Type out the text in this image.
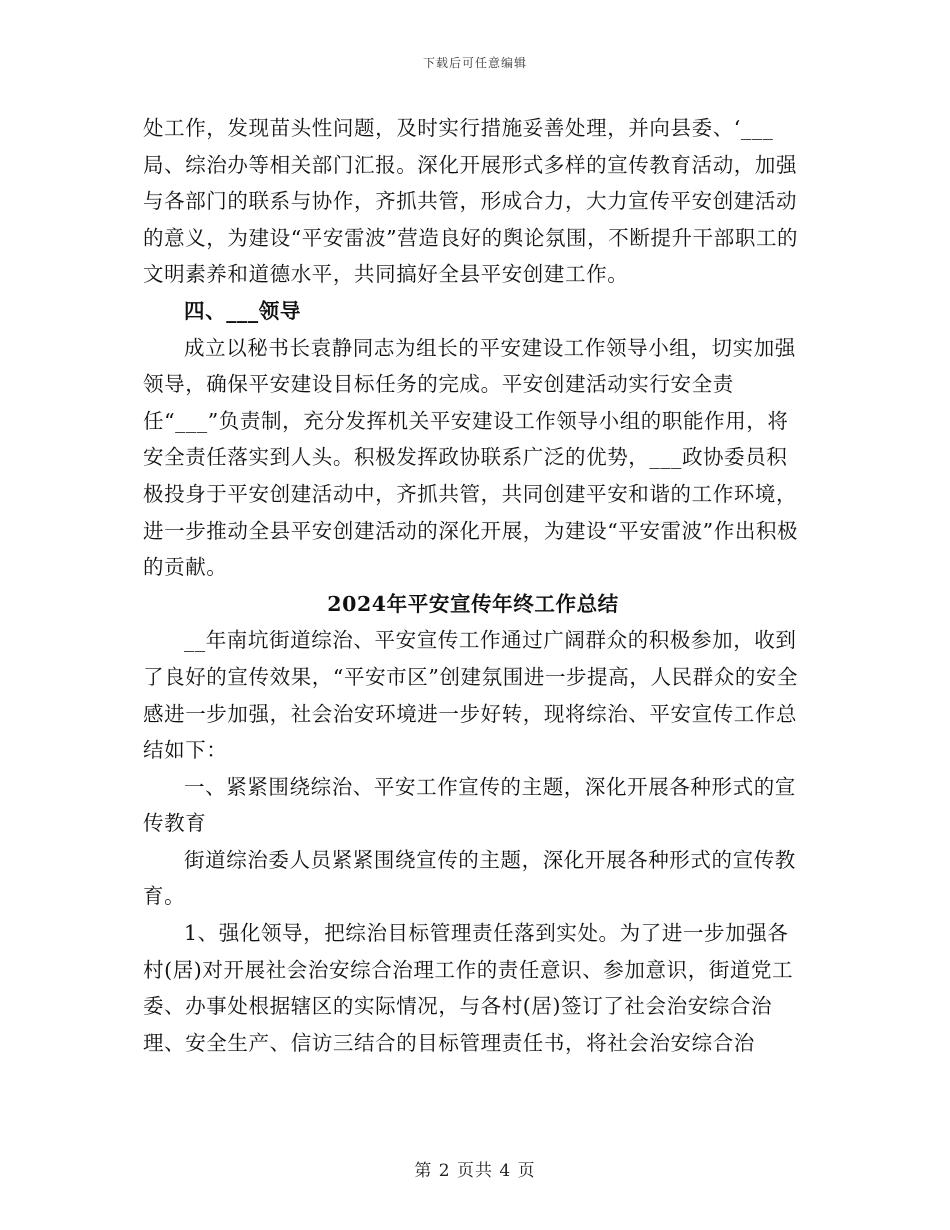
下载后可任意编辑

处工作，发现苗头性问题，及时实行措施妥善处理，并向县委、‘___局、综治办等相关部门汇报。深化开展形式多样的宣传教育活动，加强与各部门的联系与协作，齐抓共管，形成合力，大力宣传平安创建活动的意义，为建设“平安雷波”营造良好的舆论氛围，不断提升干部职工的文明素养和道德水平，共同搞好全县平安创建工作。

四、___领导

成立以秘书长袁静同志为组长的平安建设工作领导小组，切实加强领导，确保平安建设目标任务的完成。平安创建活动实行安全责任“___”负责制，充分发挥机关平安建设工作领导小组的职能作用，将安全责任落实到人头。积极发挥政协联系广泛的优势，___政协委员积极投身于平安创建活动中，齐抓共管，共同创建平安和谐的工作环境，进一步推动全县平安创建活动的深化开展，为建设“平安雷波”作出积极的贡献。

2024年平安宣传年终工作总结

__年南坑街道综治、平安宣传工作通过广阔群众的积极参加，收到了良好的宣传效果，“平安市区”创建氛围进一步提高，人民群众的安全感进一步加强，社会治安环境进一步好转，现将综治、平安宣传工作总结如下：

一、紧紧围绕综治、平安工作宣传的主题，深化开展各种形式的宣传教育

街道综治委人员紧紧围绕宣传的主题，深化开展各种形式的宣传教育。

1、强化领导，把综治目标管理责任落到实处。为了进一步加强各村(居)对开展社会治安综合治理工作的责任意识、参加意识，街道党工委、办事处根据辖区的实际情况，与各村(居)签订了社会治安综合治理、安全生产、信访三结合的目标管理责任书，将社会治安综合治

第 2 页共 4 页
